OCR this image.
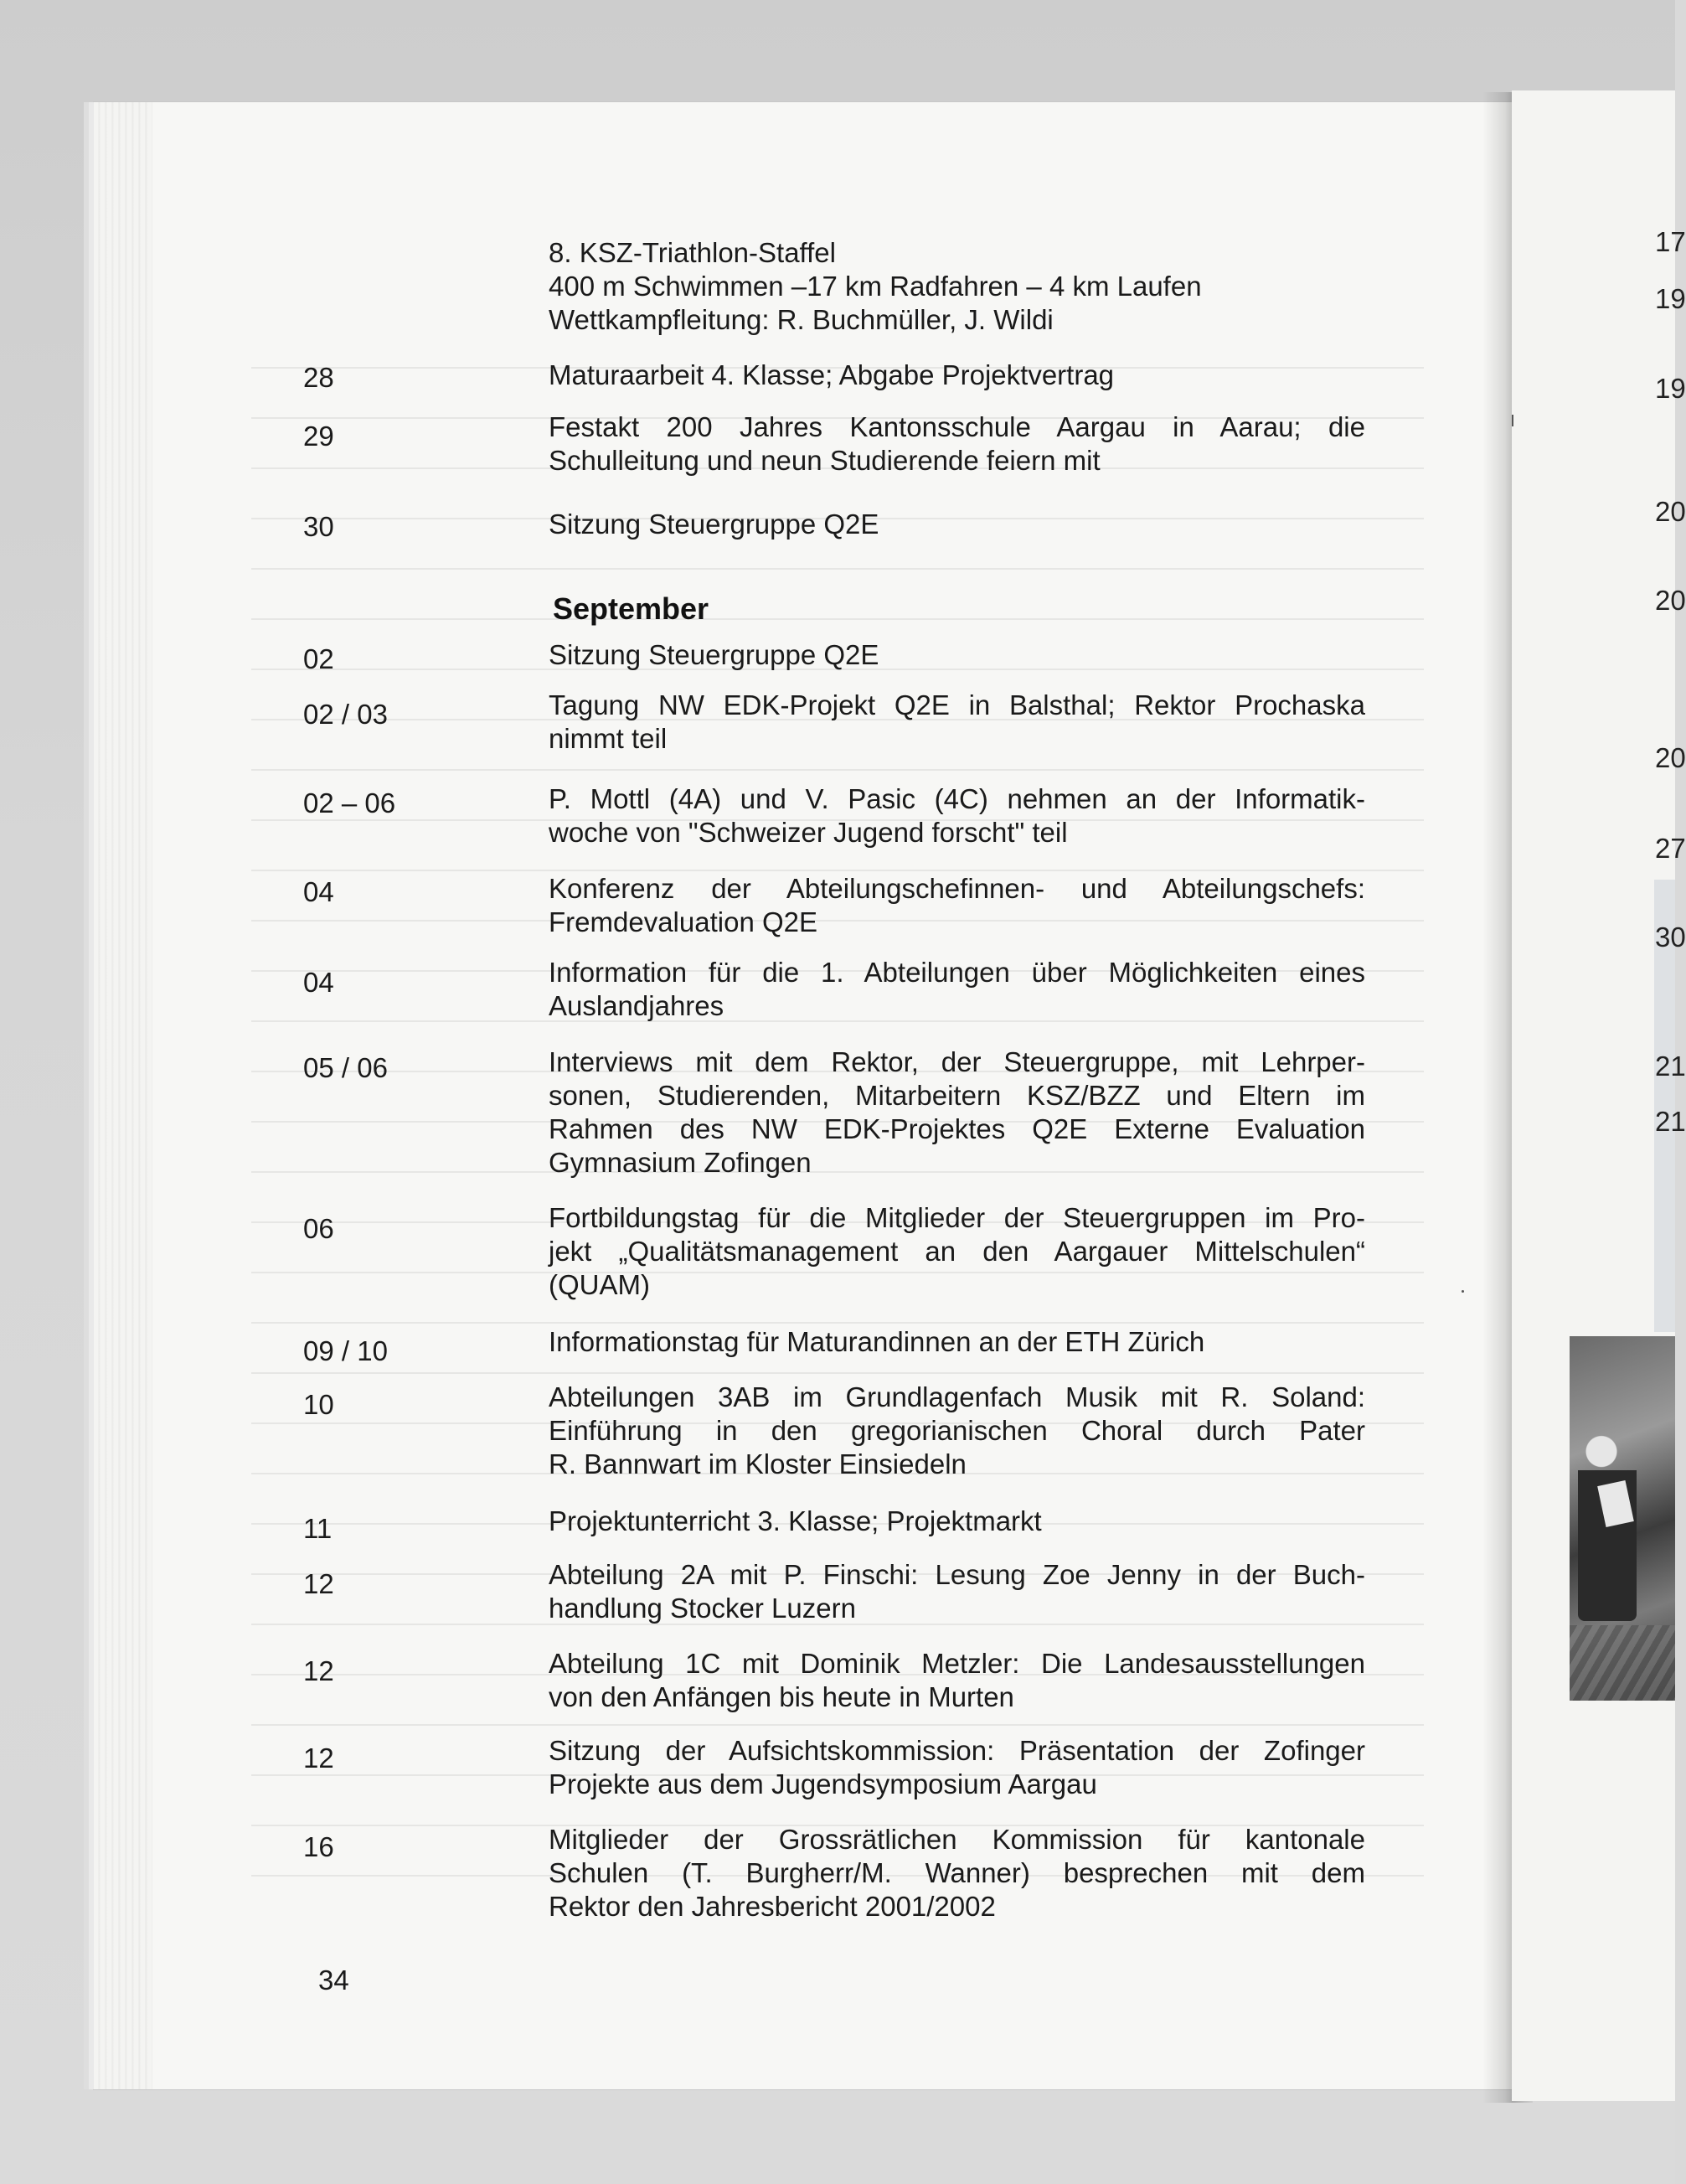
8. KSZ-Triathlon-Staffel
400 m Schwimmen –17 km Radfahren – 4 km Laufen
Wettkampfleitung: R. Buchmüller, J. Wildi
28	Maturaarbeit 4. Klasse; Abgabe Projektvertrag
29	Festakt 200 Jahres Kantonsschule Aargau in Aarau; die
Schulleitung und neun Studierende feiern mit
30	Sitzung Steuergruppe Q2E
September
02	Sitzung Steuergruppe Q2E
02 / 03	Tagung NW EDK-Projekt Q2E in Balsthal; Rektor Prochaska
nimmt teil
02 – 06	P. Mottl (4A) und V. Pasic (4C) nehmen an der Informatik-
woche von "Schweizer Jugend forscht" teil
04	Konferenz der Abteilungschefinnen- und Abteilungschefs:
Fremdevaluation Q2E
04	Information für die 1. Abteilungen über Möglichkeiten eines
Auslandjahres
05 / 06	Interviews mit dem Rektor, der Steuergruppe, mit Lehrper-
sonen, Studierenden, Mitarbeitern KSZ/BZZ und Eltern im
Rahmen des NW EDK-Projektes Q2E Externe Evaluation
Gymnasium Zofingen
06	Fortbildungstag für die Mitglieder der Steuergruppen im Pro-
jekt „Qualitätsmanagement an den Aargauer Mittelschulen“
(QUAM)
09 / 10	Informationstag für Maturandinnen an der ETH Zürich
10	Abteilungen 3AB im Grundlagenfach Musik mit R. Soland:
Einführung in den gregorianischen Choral durch Pater
R. Bannwart im Kloster Einsiedeln
11	Projektunterricht 3. Klasse; Projektmarkt
12	Abteilung 2A mit P. Finschi: Lesung Zoe Jenny in der Buch-
handlung Stocker Luzern
12	Abteilung 1C mit Dominik Metzler: Die Landesausstellungen
von den Anfängen bis heute in Murten
12	Sitzung der Aufsichtskommission: Präsentation der Zofinger
Projekte aus dem Jugendsymposium Aargau
16	Mitglieder der Grossrätlichen Kommission für kantonale
Schulen (T. Burgherr/M. Wanner) besprechen mit dem
Rektor den Jahresbericht 2001/2002
34
17
19
19
20
20
20
27
30
21
21
